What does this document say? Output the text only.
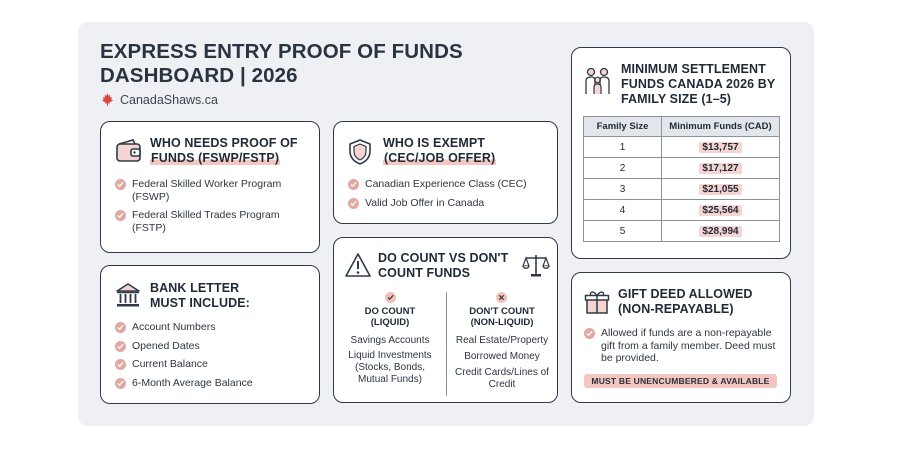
EXPRESS ENTRY PROOF OF FUNDS DASHBOARD | 2026
CanadaShaws.ca
WHO NEEDS PROOF OF
FUNDS (FSWP/FSTP)
Federal Skilled Worker Program (FSWP)
Federal Skilled Trades Program (FSTP)
WHO IS EXEMPT
(CEC/JOB OFFER)
Canadian Experience Class (CEC)
Valid Job Offer in Canada
MINIMUM SETTLEMENT FUNDS CANADA 2026 BY FAMILY SIZE (1–5)
Family Size	Minimum Funds (CAD)
1	$13,757
2	$17,127
3	$21,055
4	$25,564
5	$28,994
BANK LETTER MUST INCLUDE:
Account Numbers
Opened Dates
Current Balance
6-Month Average Balance
DO COUNT VS DON'T COUNT FUNDS
DO COUNT (LIQUID)
Savings Accounts
Liquid Investments (Stocks, Bonds, Mutual Funds)
DON'T COUNT (NON-LIQUID)
Real Estate/Property
Borrowed Money
Credit Cards/Lines of Credit
GIFT DEED ALLOWED
(NON-REPAYABLE)
Allowed if funds are a non-repayable gift from a family member. Deed must be provided.
MUST BE UNENCUMBERED & AVAILABLE
